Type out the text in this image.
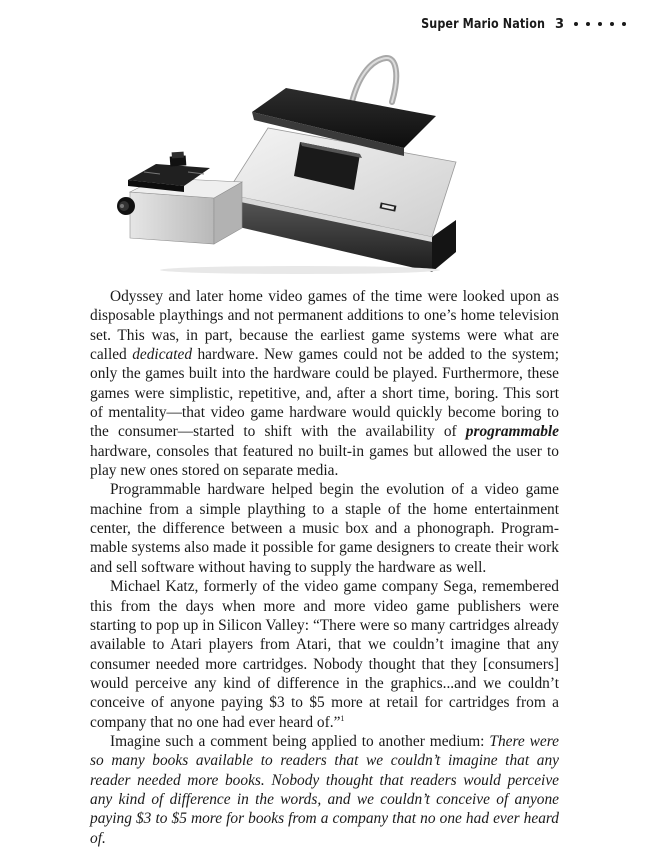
Super Mario Nation 3

Odyssey and later home video games of the time were looked upon as disposable playthings and not permanent additions to one’s home television set. This was, in part, because the earliest game systems were what are called dedicated hardware. New games could not be added to the system; only the games built into the hardware could be played. Furthermore, these games were simplistic, repetitive, and, after a short time, boring. This sort of mentality—that video game hardware would quickly become boring to the consumer—started to shift with the availability of programmable hardware, consoles that featured no built-in games but allowed the user to play new ones stored on separate media.

Programmable hardware helped begin the evolution of a video game machine from a simple plaything to a staple of the home entertainment center, the difference between a music box and a phonograph. Programmable systems also made it possible for game designers to create their work and sell software without having to supply the hardware as well.

Michael Katz, formerly of the video game company Sega, remembered this from the days when more and more video game publishers were starting to pop up in Silicon Valley: “There were so many cartridges already available to Atari players from Atari, that we couldn’t imagine that any consumer needed more cartridges. Nobody thought that they [consumers] would perceive any kind of difference in the graphics...and we couldn’t conceive of anyone paying $3 to $5 more at retail for cartridges from a company that no one had ever heard of.”$^1$

Imagine such a comment being applied to another medium: There were so many books available to readers that we couldn’t imagine that any reader needed more books. Nobody thought that readers would perceive any kind of difference in the words, and we couldn’t conceive of anyone paying $3 to $5 more for books from a company that no one had ever heard of.
